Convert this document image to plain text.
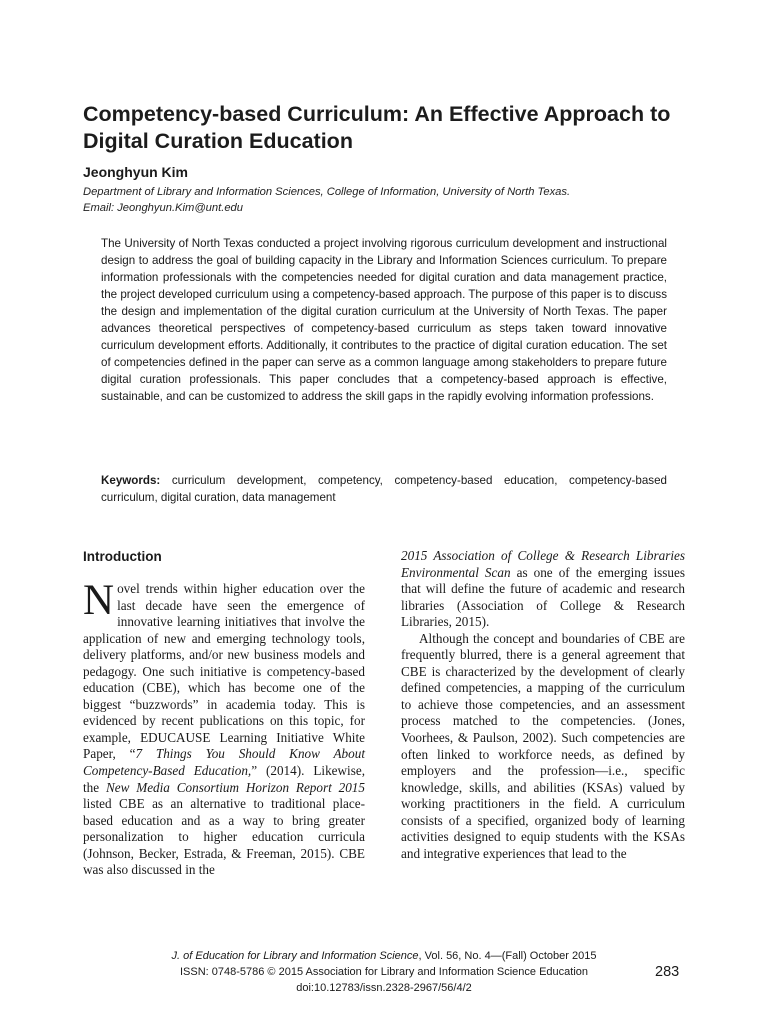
Competency-based Curriculum: An Effective Approach to Digital Curation Education
Jeonghyun Kim
Department of Library and Information Sciences, College of Information, University of North Texas.
Email: Jeonghyun.Kim@unt.edu

The University of North Texas conducted a project involving rigorous curriculum development and instructional design to address the goal of building capacity in the Library and Information Sciences curriculum. To prepare information professionals with the competencies needed for digital curation and data management practice, the project developed curriculum using a competency-based approach. The purpose of this paper is to discuss the design and implementation of the digital curation curriculum at the University of North Texas. The paper advances theoretical perspectives of competency-based curriculum as steps taken toward innovative curriculum development efforts. Additionally, it contributes to the practice of digital curation education. The set of competencies defined in the paper can serve as a common language among stakeholders to prepare future digital curation professionals. This paper concludes that a competency-based approach is effective, sustainable, and can be customized to address the skill gaps in the rapidly evolving information professions.

Keywords: curriculum development, competency, competency-based education, competency-based curriculum, digital curation, data management

Introduction

Novel trends within higher education over the last decade have seen the emergence of innovative learning initiatives that involve the application of new and emerging technology tools, delivery platforms, and/or new business models and pedagogy. One such initiative is competency-based education (CBE), which has become one of the biggest “buzzwords” in academia today. This is evidenced by recent publications on this topic, for example, EDUCAUSE Learning Initiative White Paper, “7 Things You Should Know About Competency-Based Education,” (2014). Likewise, the New Media Consortium Horizon Report 2015 listed CBE as an alternative to traditional place-based education and as a way to bring greater personalization to higher education curricula (Johnson, Becker, Estrada, & Freeman, 2015). CBE was also discussed in the

2015 Association of College & Research Libraries Environmental Scan as one of the emerging issues that will define the future of academic and research libraries (Association of College & Research Libraries, 2015).

Although the concept and boundaries of CBE are frequently blurred, there is a general agreement that CBE is characterized by the development of clearly defined competencies, a mapping of the curriculum to achieve those competencies, and an assessment process matched to the competencies. (Jones, Voorhees, & Paulson, 2002). Such competencies are often linked to workforce needs, as defined by employers and the profession—i.e., specific knowledge, skills, and abilities (KSAs) valued by working practitioners in the field. A curriculum consists of a specified, organized body of learning activities designed to equip students with the KSAs and integrative experiences that lead to the

J. of Education for Library and Information Science, Vol. 56, No. 4—(Fall) October 2015
ISSN: 0748-5786 © 2015 Association for Library and Information Science Education
doi:10.12783/issn.2328-2967/56/4/2
283
